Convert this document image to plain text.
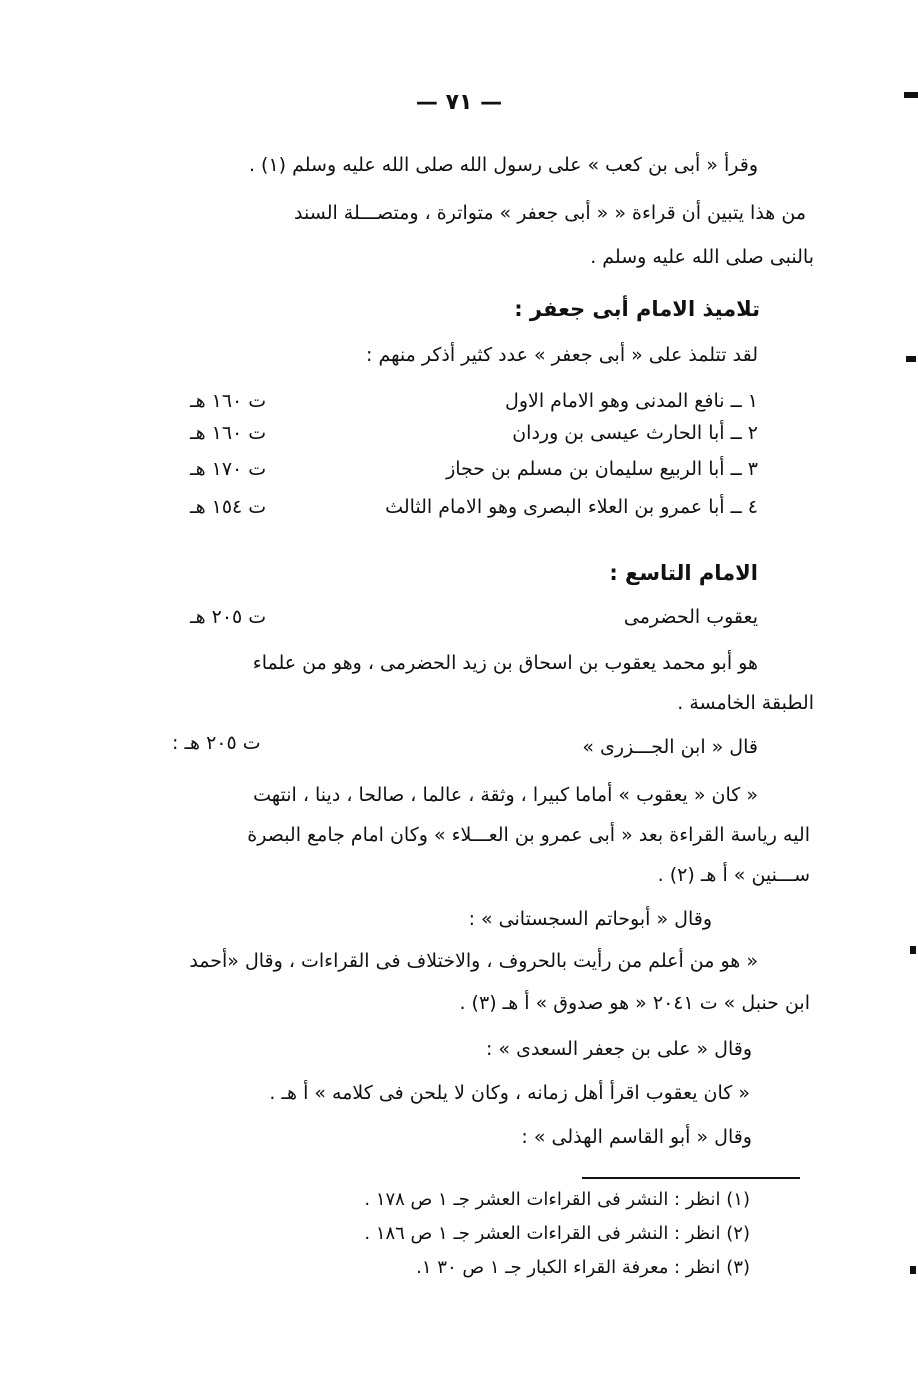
— ٧١ —
وقرأ « أبى بن كعب » على رسول الله صلى الله عليه وسلم (١) .
من هذا يتبين أن قراءة « « أبى جعفر » متواترة ، ومتصـــلة السند
بالنبى صلى الله عليه وسلم .
تلاميذ الامام أبى جعفر :
لقد تتلمذ على « أبى جعفر » عدد كثير أذكر منهم :
١ ــ نافع المدنى وهو الامام الاول
ت ١٦٠ هـ
٢ ــ أبا الحارث عيسى بن وردان
ت ١٦٠ هـ
٣ ــ أبا الربيع سليمان بن مسلم بن حجاز
ت ١٧٠ هـ
٤ ــ أبا عمرو بن العلاء البصرى وهو الامام الثالث
ت ١٥٤ هـ
الامام التاسع :
يعقوب الحضرمى
ت ٢٠٥ هـ
هو أبو محمد يعقوب بن اسحاق بن زيد الحضرمى ، وهو من علماء
الطبقة الخامسة .
قال « ابن الجـــزرى »
ت ٢٠٥ هـ :
« كان « يعقوب » أماما كبيرا ، وثقة ، عالما ، صالحا ، دينا ، انتهت
اليه رياسة القراءة بعد « أبى عمرو بن العـــلاء » وكان امام جامع البصرة
ســـنين » أ هـ (٢) .
وقال « أبوحاتم السجستانى » :
« هو من أعلم من رأيت بالحروف ، والاختلاف فى القراءات ، وقال «أحمد
ابن حنبل » ت ٢٠٤١ « هو صدوق » أ هـ (٣) .
وقال « على بن جعفر السعدى » :
« كان يعقوب اقرأ أهل زمانه ، وكان لا يلحن فى كلامه » أ هـ .
وقال « أبو القاسم الهذلى » :
(١) انظر : النشر فى القراءات العشر جـ ١ ص ١٧٨ .
(٢) انظر : النشر فى القراءات العشر جـ ١ ص ١٨٦ .
(٣) انظر : معرفة القراء الكبار جـ ١ ص ٣٠ ١.
